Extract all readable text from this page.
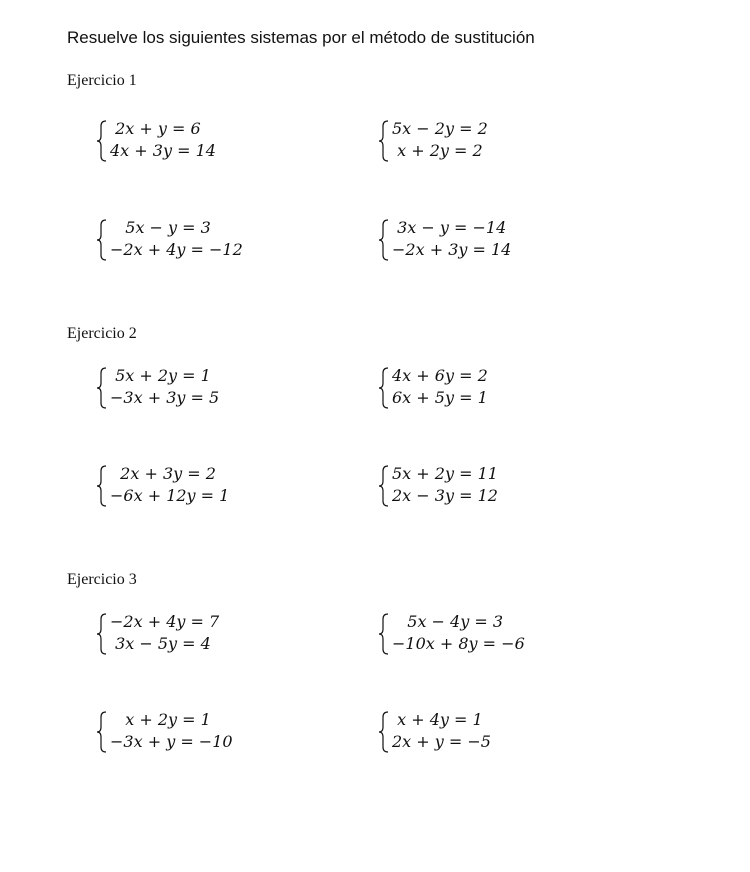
Resuelve los siguientes sistemas por el método de sustitución
Ejercicio 1
2x + y = 6
4x + 3y = 14
5x − 2y = 2
x + 2y = 2
5x − y = 3
−2x + 4y = −12
3x − y = −14
−2x + 3y = 14
Ejercicio 2
5x + 2y = 1
−3x + 3y = 5
4x + 6y = 2
6x + 5y = 1
2x + 3y = 2
−6x + 12y = 1
5x + 2y = 11
2x − 3y = 12
Ejercicio 3
−2x + 4y = 7
3x − 5y = 4
5x − 4y = 3
−10x + 8y = −6
x + 2y = 1
−3x + y = −10
x + 4y = 1
2x + y = −5
